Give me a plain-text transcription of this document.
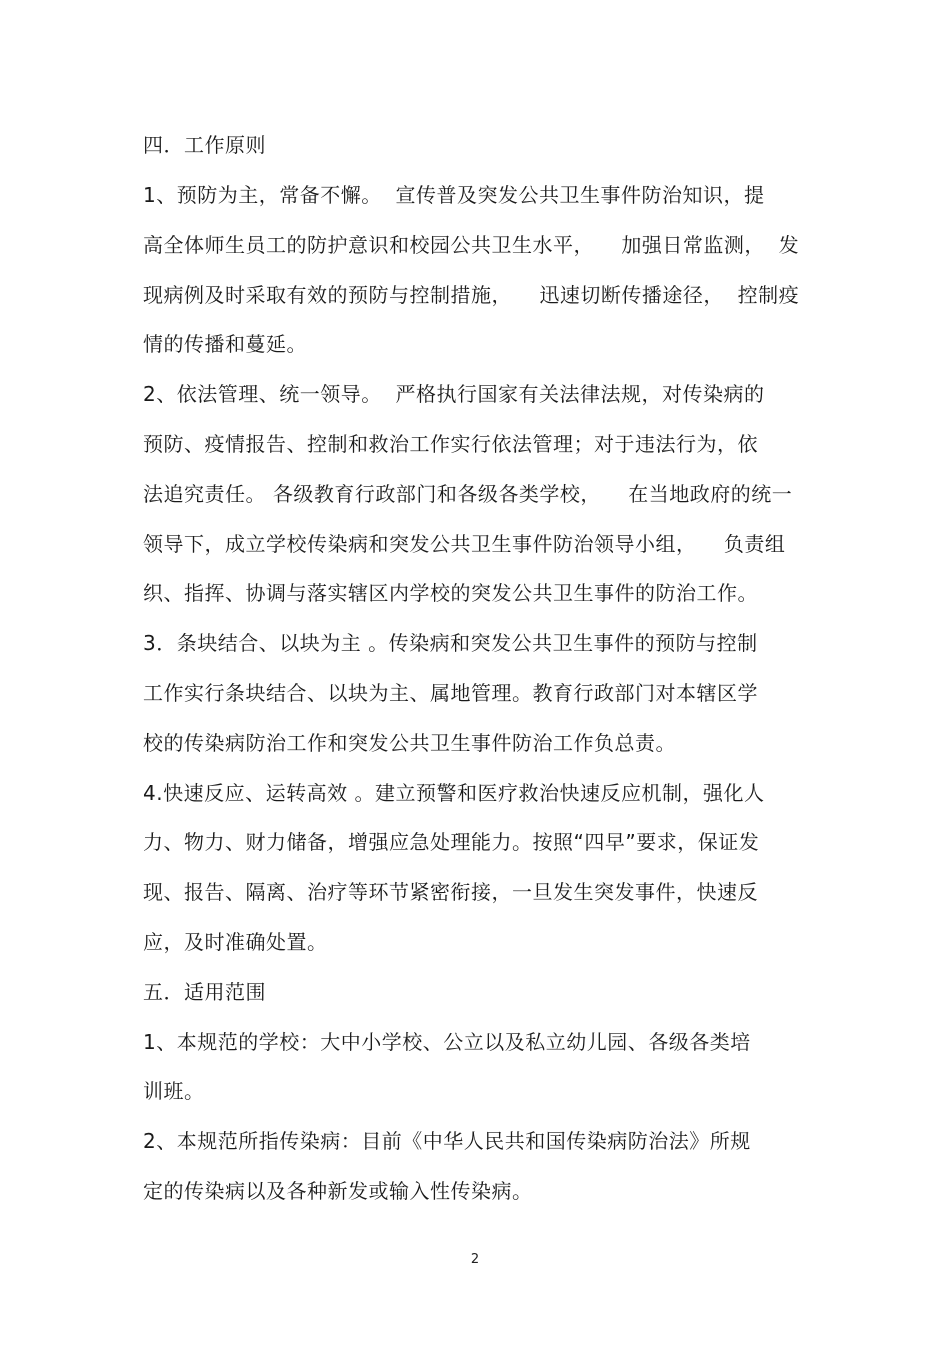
四．工作原则
1、预防为主，常备不懈。  宣传普及突发公共卫生事件防治知识，提
高全体师生员工的防护意识和校园公共卫生水平，    加强日常监测，  发
现病例及时采取有效的预防与控制措施，    迅速切断传播途径，  控制疫
情的传播和蔓延。
2、依法管理、统一领导。  严格执行国家有关法律法规，对传染病的
预防、疫情报告、控制和救治工作实行依法管理；对于违法行为，依
法追究责任。 各级教育行政部门和各级各类学校，    在当地政府的统一
领导下，成立学校传染病和突发公共卫生事件防治领导小组，    负责组
织、指挥、协调与落实辖区内学校的突发公共卫生事件的防治工作。
3．条块结合、以块为主 。传染病和突发公共卫生事件的预防与控制
工作实行条块结合、以块为主、属地管理。教育行政部门对本辖区学
校的传染病防治工作和突发公共卫生事件防治工作负总责。
4.快速反应、运转高效 。建立预警和医疗救治快速反应机制，强化人
力、物力、财力储备，增强应急处理能力。按照“四早”要求，保证发
现、报告、隔离、治疗等环节紧密衔接，一旦发生突发事件，快速反
应，及时准确处置。
五．适用范围
1、本规范的学校：大中小学校、公立以及私立幼儿园、各级各类培
训班。
2、本规范所指传染病：目前《中华人民共和国传染病防治法》所规
定的传染病以及各种新发或输入性传染病。
2
